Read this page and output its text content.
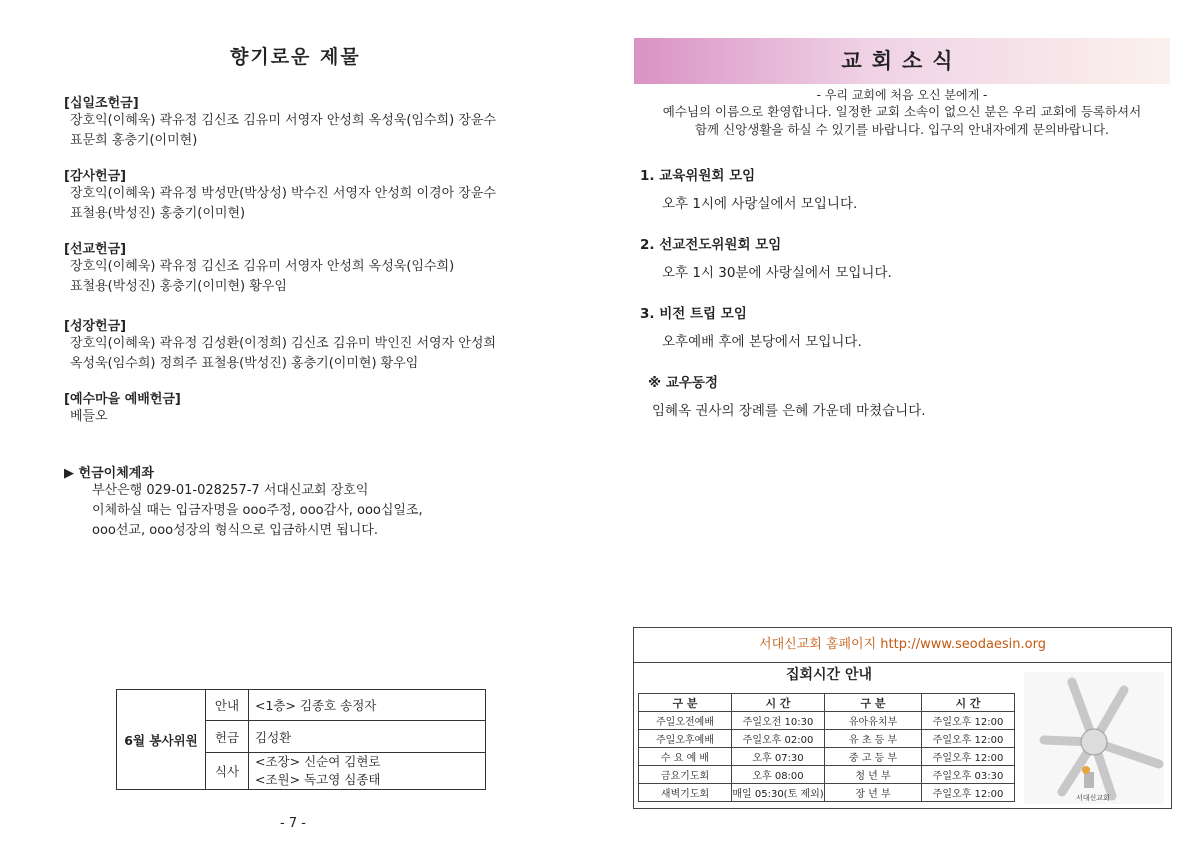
향기로운 제물
[십일조헌금]
장호익(이혜욱) 곽유정 김신조 김유미 서영자 안성희 옥성욱(임수희) 장윤수
표문희 홍충기(이미현)
[감사헌금]
장호익(이혜욱) 곽유정 박성만(박상성) 박수진 서영자 안성희 이경아 장윤수
표철용(박성진) 홍충기(이미현)
[선교헌금]
장호익(이혜욱) 곽유정 김신조 김유미 서영자 안성희 옥성욱(임수희)
표철용(박성진) 홍충기(이미현) 황우임
[성장헌금]
장호익(이혜욱) 곽유정 김성환(이정희) 김신조 김유미 박인진 서영자 안성희
옥성욱(임수희) 정희주 표철용(박성진) 홍충기(이미현) 황우임
[예수마을 예배헌금]
베들오
▶ 헌금이체계좌
부산은행 029-01-028257-7 서대신교회 장호익
이체하실 때는 입금자명을 ooo주정, ooo감사, ooo십일조,
ooo선교, ooo성장의 형식으로 입금하시면 됩니다.
6월 봉사위원	안내	<1층> 김종호 송정자
	헌금	김성환
	식사	<조장> 신순여 김현로
<조원> 독고영 심종태
- 7 -
교회소식
- 우리 교회에 처음 오신 분에게 -
예수님의 이름으로 환영합니다. 일정한 교회 소속이 없으신 분은 우리 교회에 등록하셔서
함께 신앙생활을 하실 수 있기를 바랍니다. 입구의 안내자에게 문의바랍니다.
1. 교육위원회 모임
오후 1시에 사랑실에서 모입니다.
2. 선교전도위원회 모임
오후 1시 30분에 사랑실에서 모입니다.
3. 비전 트립 모임
오후예배 후에 본당에서 모입니다.
※ 교우동정
임혜옥 권사의 장례를 은혜 가운데 마쳤습니다.
서대신교회 홈페이지 http://www.seodaesin.org
집회시간 안내
구 분	시 간	구 분	시 간
주일오전예배	주일오전 10:30	유아유치부	주일오후 12:00
주일오후예배	주일오후 02:00	유 초 등 부	주일오후 12:00
수 요 예 배	오후 07:30	중 고 등 부	주일오후 12:00
금요기도회	오후 08:00	청 년 부	주일오후 03:30
새벽기도회	매일 05:30(토 제외)	장 년 부	주일오후 12:00	서대신교회
